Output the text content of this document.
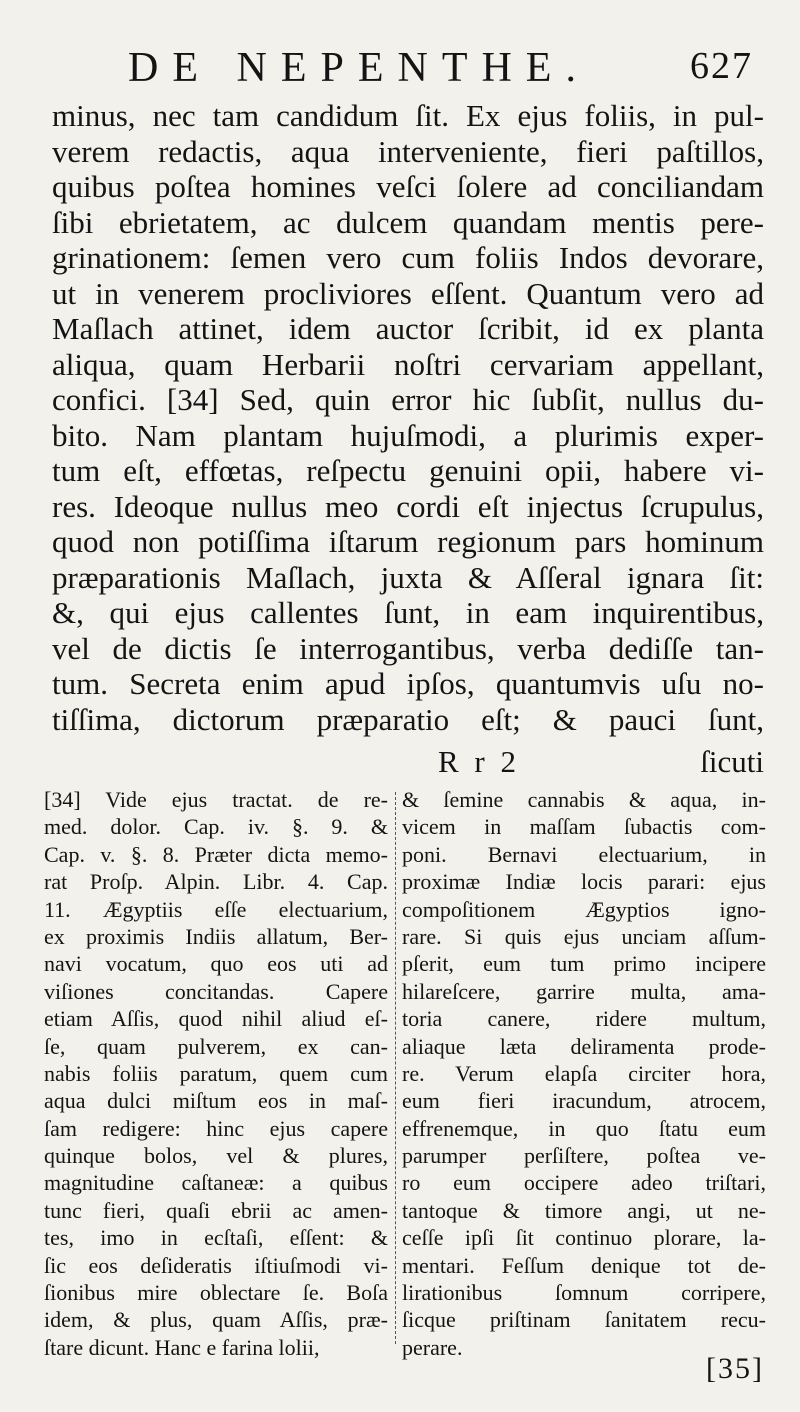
DE NEPENTHE.	627
minus, nec tam candidum ſit. Ex ejus foliis, in pul-
verem redactis, aqua interveniente, fieri paſtillos,
quibus poſtea homines veſci ſolere ad conciliandam
ſibi ebrietatem, ac dulcem quandam mentis pere-
grinationem: ſemen vero cum foliis Indos devorare,
ut in venerem procliviores eſſent. Quantum vero ad
Maſlach attinet, idem auctor ſcribit, id ex planta
aliqua, quam Herbarii noſtri cervariam appellant,
confici. [34] Sed, quin error hic ſubſit, nullus du-
bito. Nam plantam hujuſmodi, a plurimis exper-
tum eſt, effœtas, reſpectu genuini opii, habere vi-
res. Ideoque nullus meo cordi eſt injectus ſcrupulus,
quod non potiſſima iſtarum regionum pars hominum
præparationis Maſlach, juxta & Aſſeral ignara ſit:
&, qui ejus callentes ſunt, in eam inquirentibus,
vel de dictis ſe interrogantibus, verba dediſſe tan-
tum. Secreta enim apud ipſos, quantumvis uſu no-
tiſſima, dictorum præparatio eſt; & pauci ſunt,
R r 2	ſicuti
[34] Vide ejus tractat. de re-
med. dolor. Cap. iv. §. 9. &
Cap. v. §. 8. Præter dicta memo-
rat Proſp. Alpin. Libr. 4. Cap.
11. Ægyptiis eſſe electuarium,
ex proximis Indiis allatum, Ber-
navi vocatum, quo eos uti ad
viſiones concitandas. Capere
etiam Aſſis, quod nihil aliud eſ-
ſe, quam pulverem, ex can-
nabis foliis paratum, quem cum
aqua dulci miſtum eos in maſ-
ſam redigere: hinc ejus capere
quinque bolos, vel & plures,
magnitudine caſtaneæ: a quibus
tunc fieri, quaſi ebrii ac amen-
tes, imo in ecſtaſi, eſſent: &
ſic eos deſideratis iſtiuſmodi vi-
ſionibus mire oblectare ſe. Boſa
idem, & plus, quam Aſſis, præ-
ſtare dicunt. Hanc e farina lolii,
& ſemine cannabis & aqua, in-
vicem in maſſam ſubactis com-
poni. Bernavi electuarium, in
proximæ Indiæ locis parari: ejus
compoſitionem Ægyptios igno-
rare. Si quis ejus unciam aſſum-
pſerit, eum tum primo incipere
hilareſcere, garrire multa, ama-
toria canere, ridere multum,
aliaque læta deliramenta prode-
re. Verum elapſa circiter hora,
eum fieri iracundum, atrocem,
effrenemque, in quo ſtatu eum
parumper perſiſtere, poſtea ve-
ro eum occipere adeo triſtari,
tantoque & timore angi, ut ne-
ceſſe ipſi ſit continuo plorare, la-
mentari. Feſſum denique tot de-
lirationibus ſomnum corripere,
ſicque priſtinam ſanitatem recu-
perare.
[35]
